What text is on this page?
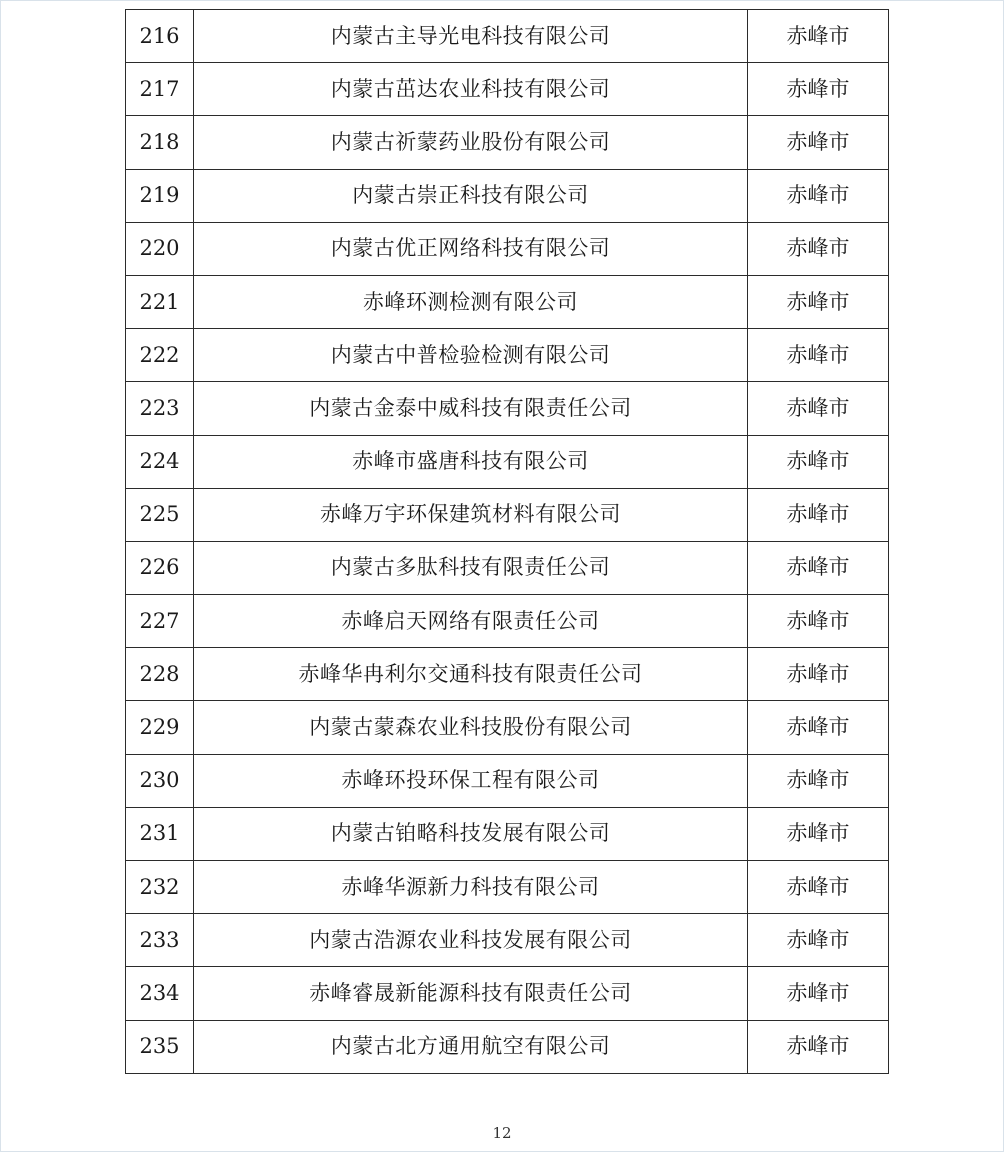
216	内蒙古主导光电科技有限公司	赤峰市
217	内蒙古茁达农业科技有限公司	赤峰市
218	内蒙古祈蒙药业股份有限公司	赤峰市
219	内蒙古崇正科技有限公司	赤峰市
220	内蒙古优正网络科技有限公司	赤峰市
221	赤峰环测检测有限公司	赤峰市
222	内蒙古中普检验检测有限公司	赤峰市
223	内蒙古金泰中威科技有限责任公司	赤峰市
224	赤峰市盛唐科技有限公司	赤峰市
225	赤峰万宇环保建筑材料有限公司	赤峰市
226	内蒙古多肽科技有限责任公司	赤峰市
227	赤峰启天网络有限责任公司	赤峰市
228	赤峰华冉利尔交通科技有限责任公司	赤峰市
229	内蒙古蒙森农业科技股份有限公司	赤峰市
230	赤峰环投环保工程有限公司	赤峰市
231	内蒙古铂略科技发展有限公司	赤峰市
232	赤峰华源新力科技有限公司	赤峰市
233	内蒙古浩源农业科技发展有限公司	赤峰市
234	赤峰睿晟新能源科技有限责任公司	赤峰市
235	内蒙古北方通用航空有限公司	赤峰市
12
